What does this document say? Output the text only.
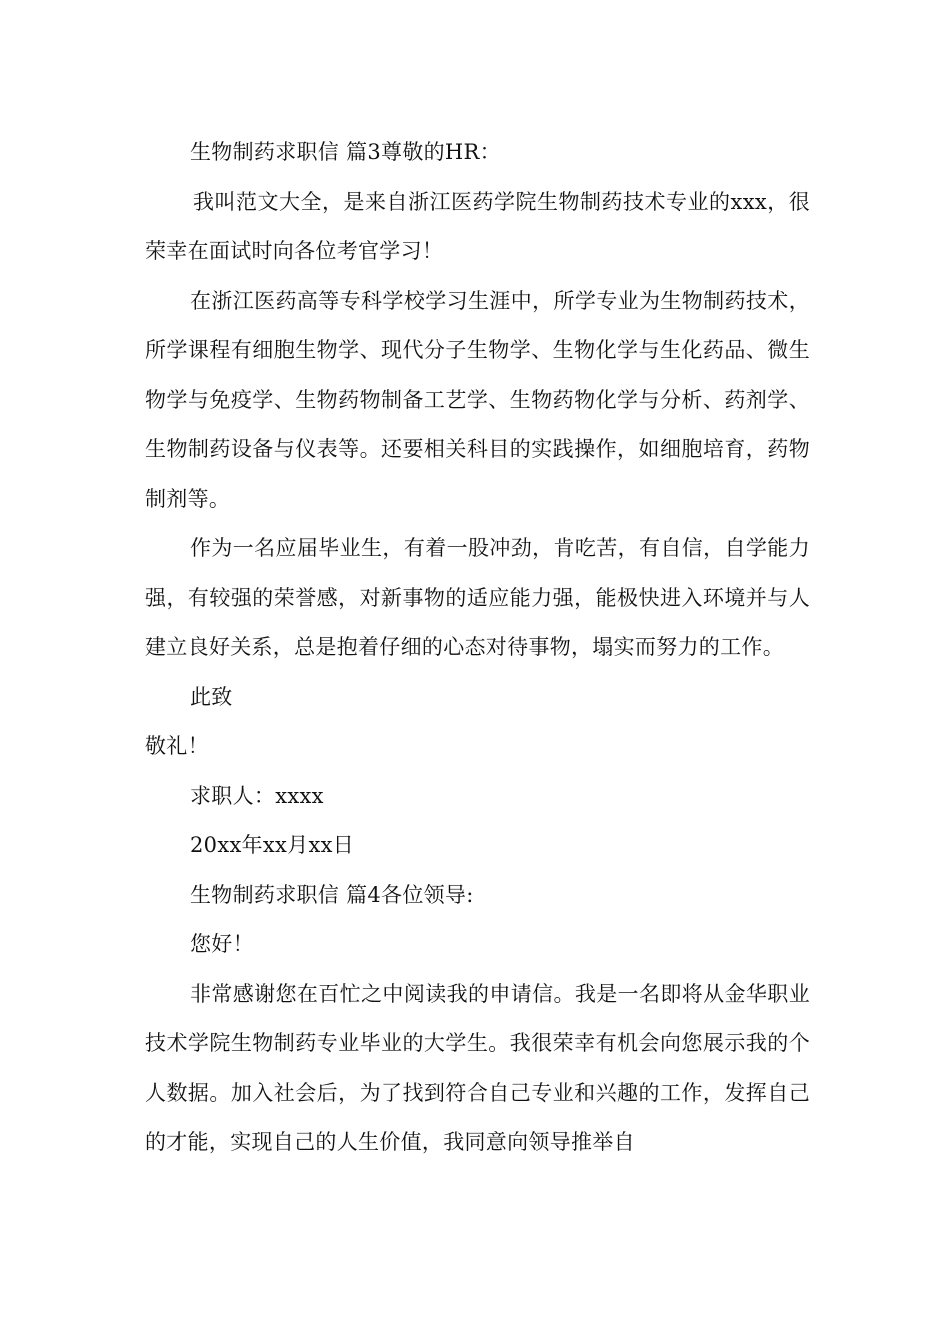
生物制药求职信 篇3尊敬的HR：

我叫范文大全，是来自浙江医药学院生物制药技术专业的xxx，很荣幸在面试时向各位考官学习！

在浙江医药高等专科学校学习生涯中，所学专业为生物制药技术，所学课程有细胞生物学、现代分子生物学、生物化学与生化药品、微生物学与免疫学、生物药物制备工艺学、生物药物化学与分析、药剂学、生物制药设备与仪表等。还要相关科目的实践操作，如细胞培育，药物制剂等。

作为一名应届毕业生，有着一股冲劲，肯吃苦，有自信，自学能力强，有较强的荣誉感，对新事物的适应能力强，能极快进入环境并与人建立良好关系，总是抱着仔细的心态对待事物，塌实而努力的工作。

此致

敬礼！

求职人：xxxx

20xx年xx月xx日

生物制药求职信 篇4各位领导:

您好！

非常感谢您在百忙之中阅读我的申请信。我是一名即将从金华职业技术学院生物制药专业毕业的大学生。我很荣幸有机会向您展示我的个人数据。加入社会后，为了找到符合自己专业和兴趣的工作，发挥自己的才能，实现自己的人生价值，我同意向领导推举自
